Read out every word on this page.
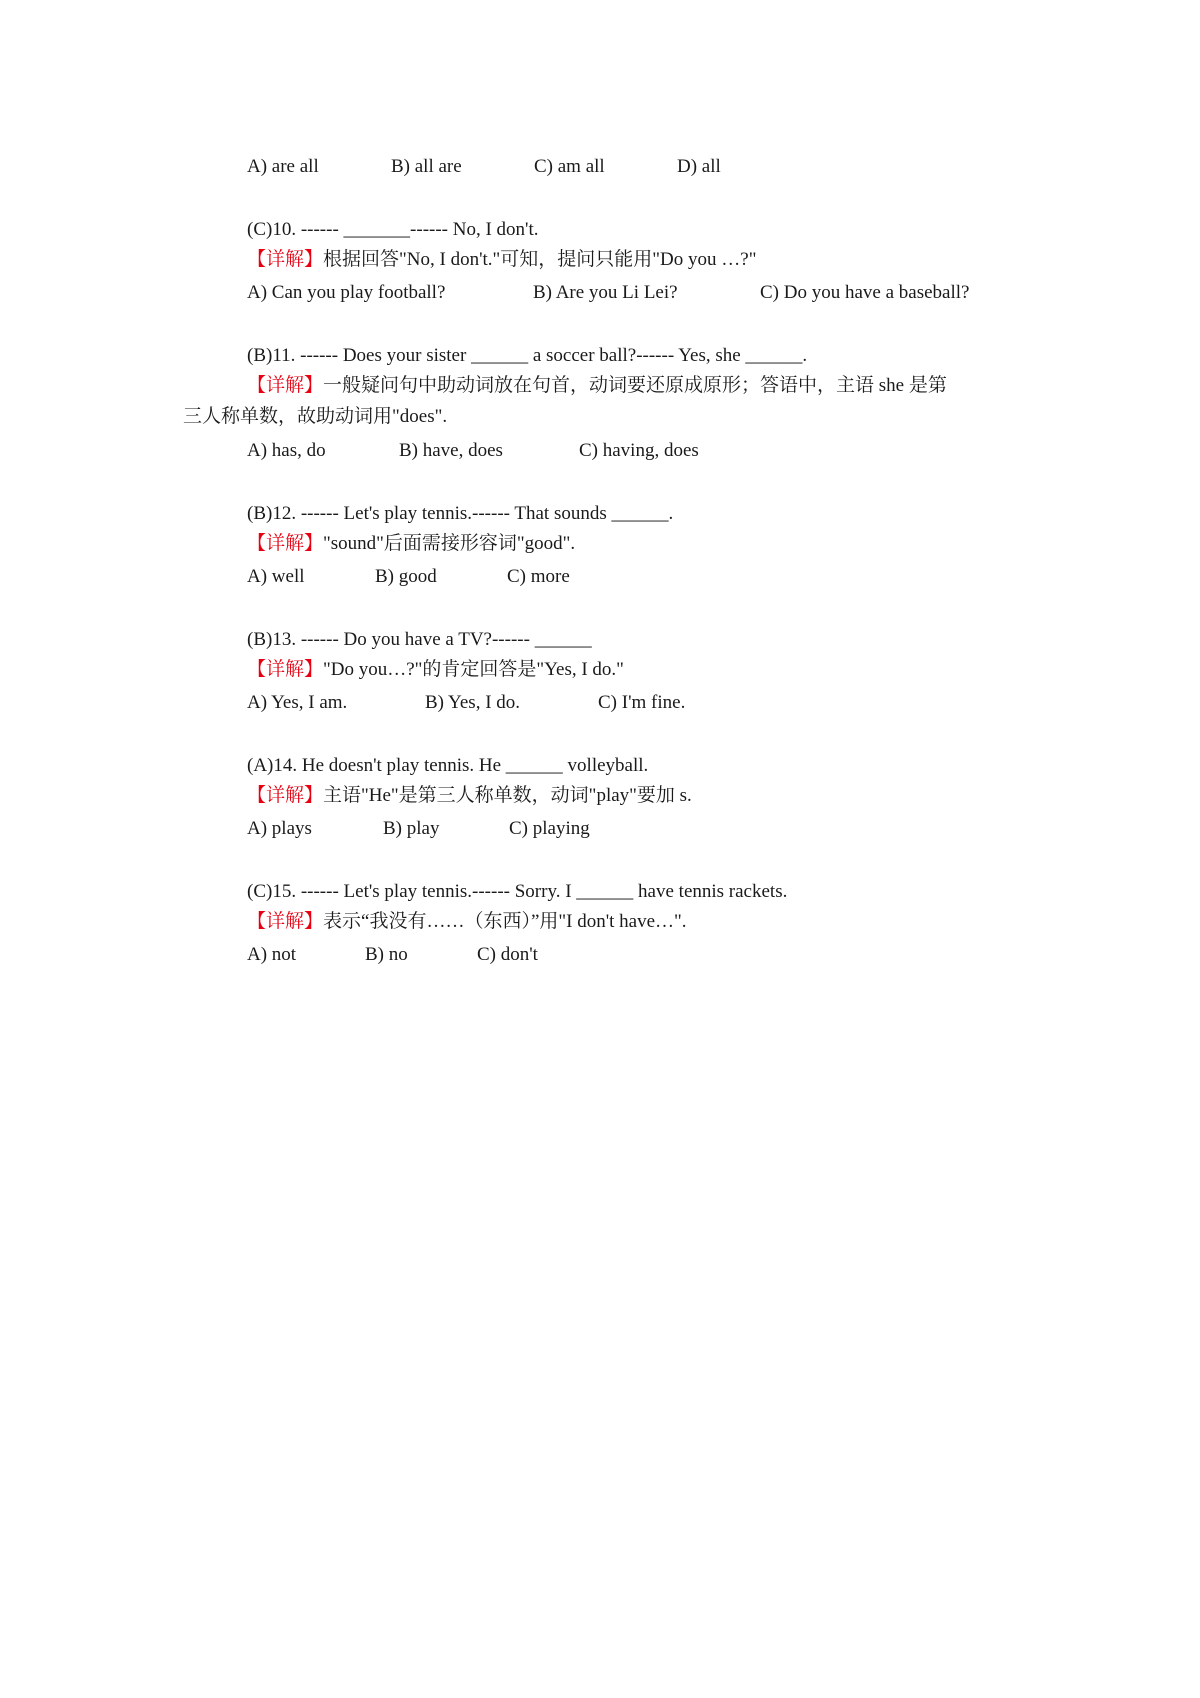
A) are all	B) all are	C) am all	D) all
(C)10. ------ _______------ No, I don't.
【详解】根据回答"No, I don't."可知，提问只能用"Do you …?"
A) Can you play football?	B) Are you Li Lei?	C) Do you have a baseball?
(B)11. ------ Does your sister ______ a soccer ball?------ Yes, she ______.
【详解】一般疑问句中助动词放在句首，动词要还原成原形；答语中，主语 she 是第
三人称单数，故助动词用"does".
A) has, do	B) have, does	C) having, does
(B)12. ------ Let's play tennis.------ That sounds ______.
【详解】"sound"后面需接形容词"good".
A) well	B) good	C) more
(B)13. ------ Do you have a TV?------ ______
【详解】"Do you…?"的肯定回答是"Yes, I do."
A) Yes, I am.	B) Yes, I do.	C) I'm fine.
(A)14. He doesn't play tennis. He ______ volleyball.
【详解】主语"He"是第三人称单数，动词"play"要加 s.
A) plays	B) play	C) playing
(C)15. ------ Let's play tennis.------ Sorry. I ______ have tennis rackets.
【详解】表示“我没有……（东西）”用"I don't have…".
A) not	B) no	C) don't
